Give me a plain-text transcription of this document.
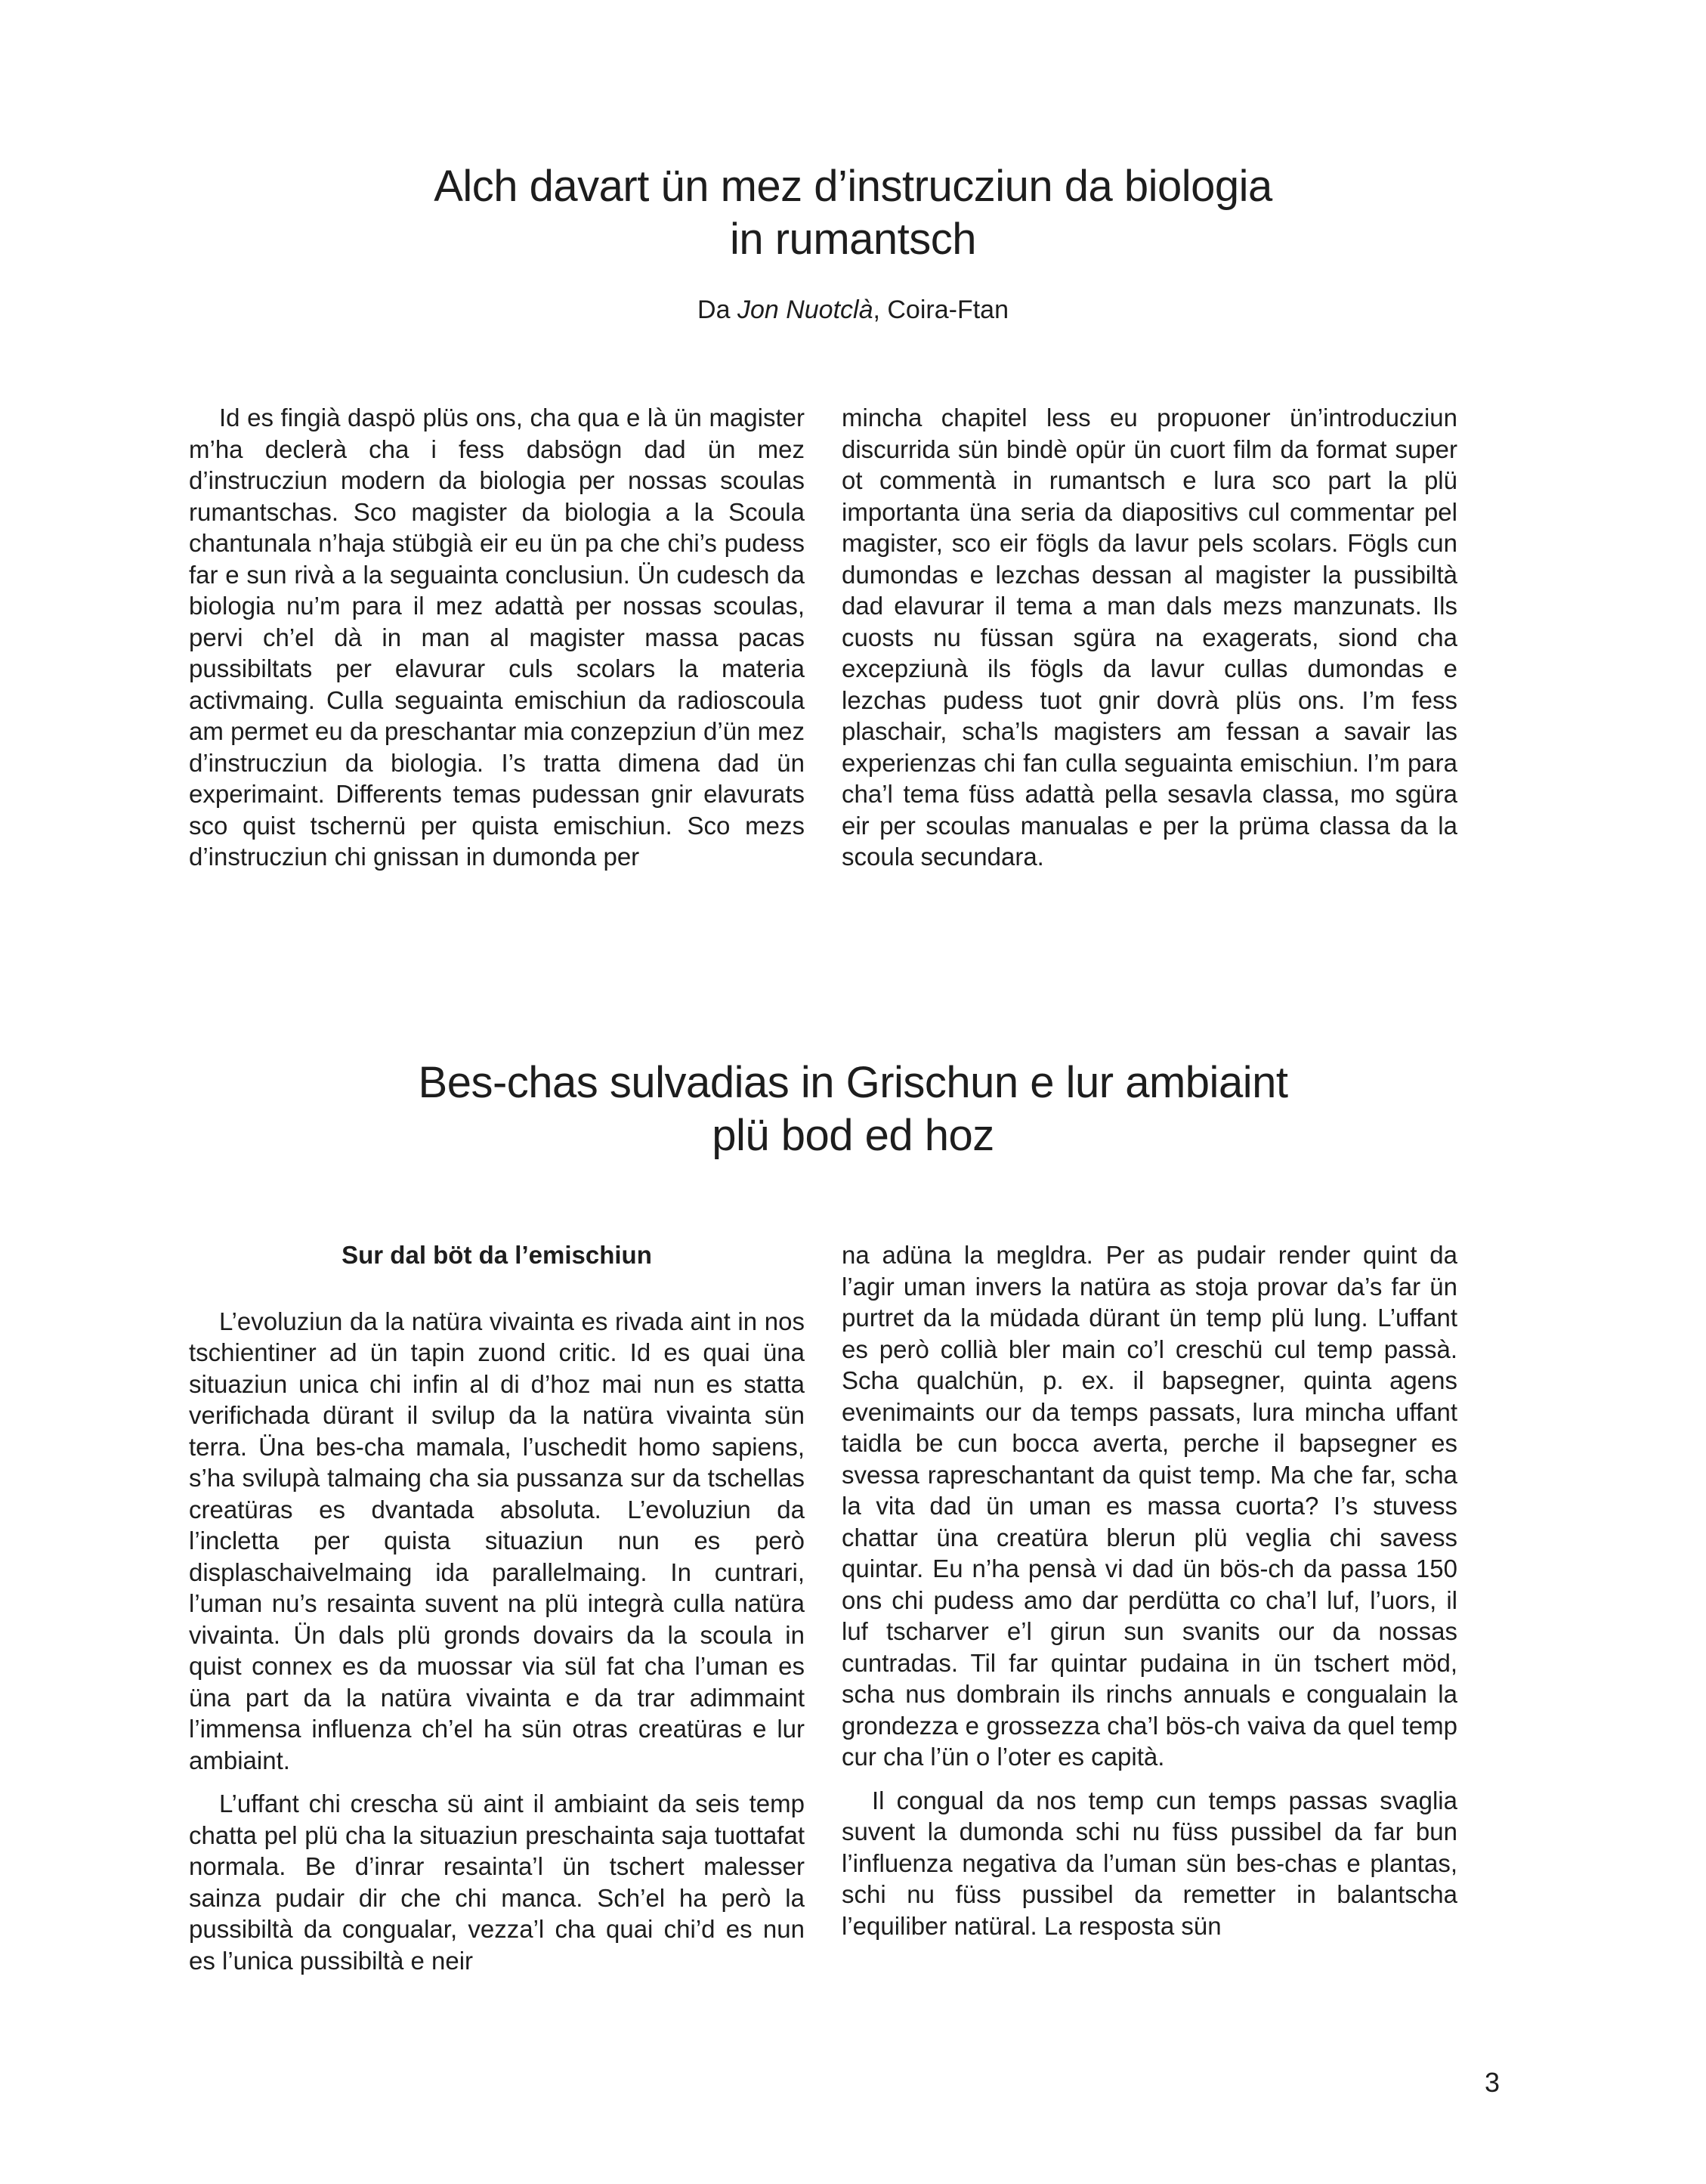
Alch davart ün mez d’instrucziun da biologia
in rumantsch
Da Jon Nuotclà, Coira-Ftan

Id es fingià daspö plüs ons, cha qua e là ün magister m’ha declerà cha i fess dabsögn dad ün mez d’instrucziun modern da biologia per nossas scoulas rumantschas. Sco magister da biologia a la Scoula chantunala n’haja stübgià eir eu ün pa che chi’s pudess far e sun rivà a la seguainta conclusiun. Ün cudesch da biologia nu’m para il mez adattà per nossas scoulas, pervi ch’el dà in man al magister massa pacas pussibiltats per elavurar culs scolars la materia activmaing. Culla seguainta emischiun da radioscoula am permet eu da preschantar mia conzepziun d’ün mez d’instrucziun da biologia. I’s tratta dimena dad ün experimaint. Differents temas pudessan gnir elavurats sco quist tschernü per quista emischiun. Sco mezs d’instrucziun chi gnissan in dumonda per

mincha chapitel less eu propuoner ün’introducziun discurrida sün bindè opür ün cuort film da format super ot commentà in rumantsch e lura sco part la plü importanta üna seria da diapositivs cul commentar pel magister, sco eir fögls da lavur pels scolars. Fögls cun dumondas e lezchas dessan al magister la pussibiltà dad elavurar il tema a man dals mezs manzunats. Ils cuosts nu füssan sgüra na exagerats, siond cha excepziunà ils fögls da lavur cullas dumondas e lezchas pudess tuot gnir dovrà plüs ons. I’m fess plaschair, scha’ls magisters am fessan a savair las experienzas chi fan culla seguainta emischiun. I’m para cha’l tema füss adattà pella sesavla classa, mo sgüra eir per scoulas manualas e per la prüma classa da la scoula secundara.

Bes-chas sulvadias in Grischun e lur ambiaint
plü bod ed hoz

Sur dal böt da l’emischiun

L’evoluziun da la natüra vivainta es rivada aint in nos tschientiner ad ün tapin zuond critic. Id es quai üna situaziun unica chi infin al di d’hoz mai nun es statta verifichada dürant il svilup da la natüra vivainta sün terra. Üna bes-cha mamala, l’uschedit homo sapiens, s’ha svilupà talmaing cha sia pussanza sur da tschellas creatüras es dvantada absoluta. L’evoluziun da l’incletta per quista situaziun nun es però displaschaivelmaing ida parallelmaing. In cuntrari, l’uman nu’s resainta suvent na plü integrà culla natüra vivainta. Ün dals plü gronds dovairs da la scoula in quist connex es da muossar via sül fat cha l’uman es üna part da la natüra vivainta e da trar adimmaint l’immensa influenza ch’el ha sün otras creatüras e lur ambiaint.

L’uffant chi crescha sü aint il ambiaint da seis temp chatta pel plü cha la situaziun preschainta saja tuottafat normala. Be d’inrar resainta’l ün tschert malesser sainza pudair dir che chi manca. Sch’el ha però la pussibiltà da congualar, vezza’l cha quai chi’d es nun es l’unica pussibiltà e neir

na adüna la megldra. Per as pudair render quint da l’agir uman invers la natüra as stoja provar da’s far ün purtret da la müdada dürant ün temp plü lung. L’uffant es però collià bler main co’l creschü cul temp passà. Scha qualchün, p. ex. il bapsegner, quinta agens evenimaints our da temps passats, lura mincha uffant taidla be cun bocca averta, perche il bapsegner es svessa rapreschantant da quist temp. Ma che far, scha la vita dad ün uman es massa cuorta? I’s stuvess chattar üna creatüra blerun plü veglia chi savess quintar. Eu n’ha pensà vi dad ün bös-ch da passa 150 ons chi pudess amo dar perdütta co cha’l luf, l’uors, il luf tscharver e’l girun sun svanits our da nossas cuntradas. Til far quintar pudaina in ün tschert möd, scha nus dombrain ils rinchs annuals e congualain la grondezza e grossezza cha’l bös-ch vaiva da quel temp cur cha l’ün o l’oter es capità.

Il congual da nos temp cun temps passas svaglia suvent la dumonda schi nu füss pussibel da far bun l’influenza negativa da l’uman sün bes-chas e plantas, schi nu füss pussibel da remetter in balantscha l’equiliber natüral. La resposta sün

3
